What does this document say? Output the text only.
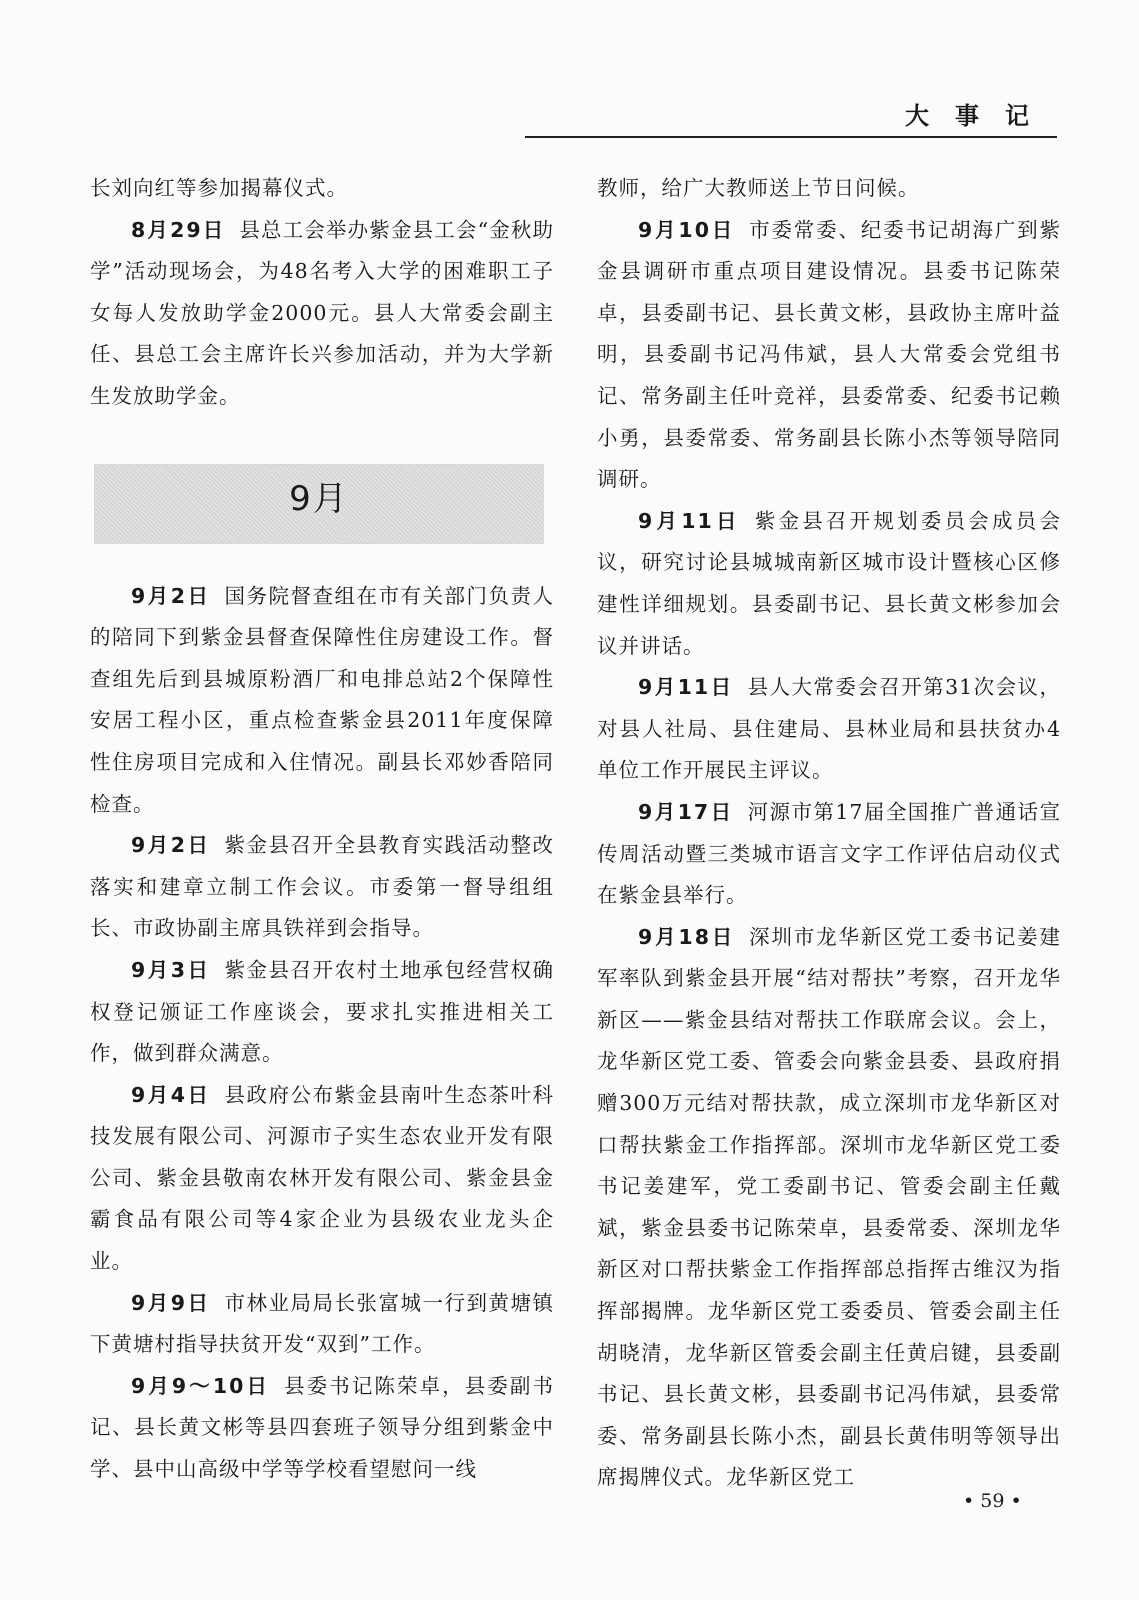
大事记

长刘向红等参加揭幕仪式。

8月29日 县总工会举办紫金县工会“金秋助学”活动现场会，为48名考入大学的困难职工子女每人发放助学金2000元。县人大常委会副主任、县总工会主席许长兴参加活动，并为大学新生发放助学金。

9月

9月2日 国务院督查组在市有关部门负责人的陪同下到紫金县督查保障性住房建设工作。督查组先后到县城原粉酒厂和电排总站2个保障性安居工程小区，重点检查紫金县2011年度保障性住房项目完成和入住情况。副县长邓妙香陪同检查。

9月2日 紫金县召开全县教育实践活动整改落实和建章立制工作会议。市委第一督导组组长、市政协副主席具铁祥到会指导。

9月3日 紫金县召开农村土地承包经营权确权登记颁证工作座谈会，要求扎实推进相关工作，做到群众满意。

9月4日 县政府公布紫金县南叶生态茶叶科技发展有限公司、河源市子实生态农业开发有限公司、紫金县敬南农林开发有限公司、紫金县金霸食品有限公司等4家企业为县级农业龙头企业。

9月9日 市林业局局长张富城一行到黄塘镇下黄塘村指导扶贫开发“双到”工作。

9月9～10日 县委书记陈荣卓，县委副书记、县长黄文彬等县四套班子领导分组到紫金中学、县中山高级中学等学校看望慰问一线

教师，给广大教师送上节日问候。

9月10日 市委常委、纪委书记胡海广到紫金县调研市重点项目建设情况。县委书记陈荣卓，县委副书记、县长黄文彬，县政协主席叶益明，县委副书记冯伟斌，县人大常委会党组书记、常务副主任叶竞祥，县委常委、纪委书记赖小勇，县委常委、常务副县长陈小杰等领导陪同调研。

9月11日 紫金县召开规划委员会成员会议，研究讨论县城城南新区城市设计暨核心区修建性详细规划。县委副书记、县长黄文彬参加会议并讲话。

9月11日 县人大常委会召开第31次会议，对县人社局、县住建局、县林业局和县扶贫办4单位工作开展民主评议。

9月17日 河源市第17届全国推广普通话宣传周活动暨三类城市语言文字工作评估启动仪式在紫金县举行。

9月18日 深圳市龙华新区党工委书记姜建军率队到紫金县开展“结对帮扶”考察，召开龙华新区——紫金县结对帮扶工作联席会议。会上，龙华新区党工委、管委会向紫金县委、县政府捐赠300万元结对帮扶款，成立深圳市龙华新区对口帮扶紫金工作指挥部。深圳市龙华新区党工委书记姜建军，党工委副书记、管委会副主任戴斌，紫金县委书记陈荣卓，县委常委、深圳龙华新区对口帮扶紫金工作指挥部总指挥古维汉为指挥部揭牌。龙华新区党工委委员、管委会副主任胡晓清，龙华新区管委会副主任黄启键，县委副书记、县长黄文彬，县委副书记冯伟斌，县委常委、常务副县长陈小杰，副县长黄伟明等领导出席揭牌仪式。龙华新区党工

• 59 •
